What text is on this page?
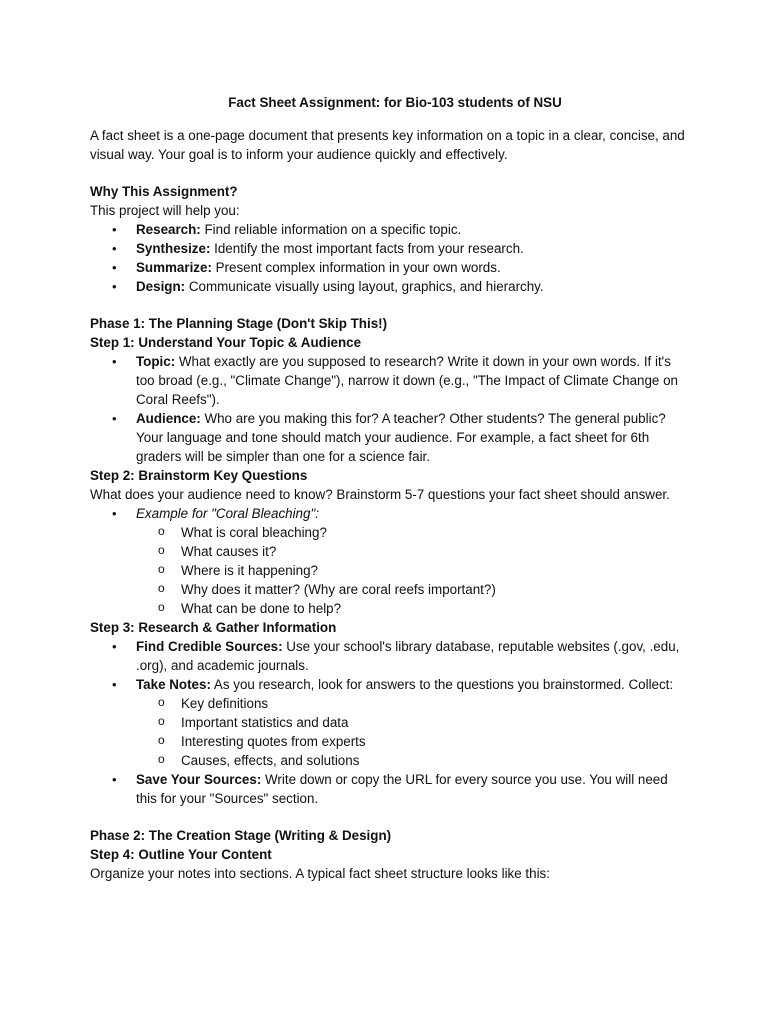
Fact Sheet Assignment: for Bio-103 students of NSU

A fact sheet is a one-page document that presents key information on a topic in a clear, concise, and visual way. Your goal is to inform your audience quickly and effectively.

Why This Assignment?

This project will help you:

• Research: Find reliable information on a specific topic.
• Synthesize: Identify the most important facts from your research.
• Summarize: Present complex information in your own words.
• Design: Communicate visually using layout, graphics, and hierarchy.
Phase 1: The Planning Stage (Don't Skip This!)
Step 1: Understand Your Topic & Audience
• Topic: What exactly are you supposed to research? Write it down in your own words. If it's too broad (e.g., "Climate Change"), narrow it down (e.g., "The Impact of Climate Change on Coral Reefs").
• Audience: Who are you making this for? A teacher? Other students? The general public? Your language and tone should match your audience. For example, a fact sheet for 6th graders will be simpler than one for a science fair.
Step 2: Brainstorm Key Questions

What does your audience need to know? Brainstorm 5-7 questions your fact sheet should answer.

• Example for "Coral Bleaching":
o What is coral bleaching?
o What causes it?
o Where is it happening?
o Why does it matter? (Why are coral reefs important?)
o What can be done to help?
Step 3: Research & Gather Information
• Find Credible Sources: Use your school's library database, reputable websites (.gov, .edu, .org), and academic journals.
• Take Notes: As you research, look for answers to the questions you brainstormed. Collect:
o Key definitions
o Important statistics and data
o Interesting quotes from experts
o Causes, effects, and solutions
• Save Your Sources: Write down or copy the URL for every source you use. You will need this for your "Sources" section.
Phase 2: The Creation Stage (Writing & Design)
Step 4: Outline Your Content

Organize your notes into sections. A typical fact sheet structure looks like this:
